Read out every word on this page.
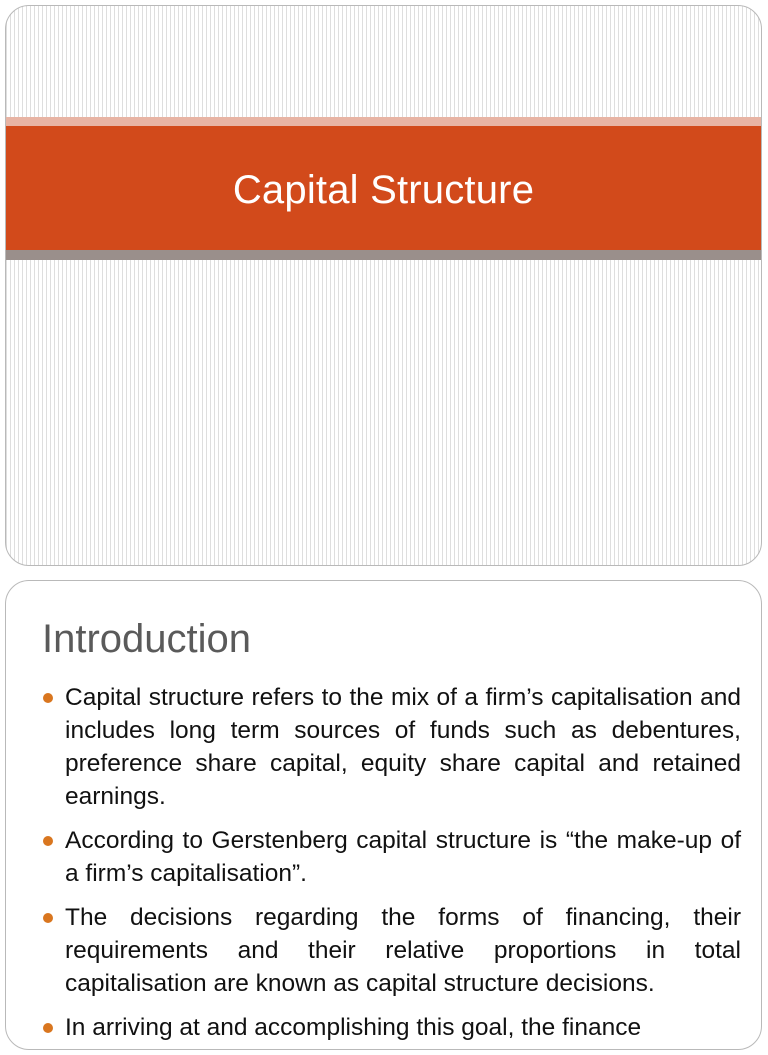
Capital Structure
Introduction
Capital structure refers to the mix of a firm’s capitalisation and includes long term sources of funds such as debentures, preference share capital, equity share capital and retained earnings.
According to Gerstenberg capital structure is “the make-up of a firm’s capitalisation”.
The decisions regarding the forms of financing, their requirements and their relative proportions in total capitalisation are known as capital structure decisions.
In arriving at and accomplishing this goal, the finance
